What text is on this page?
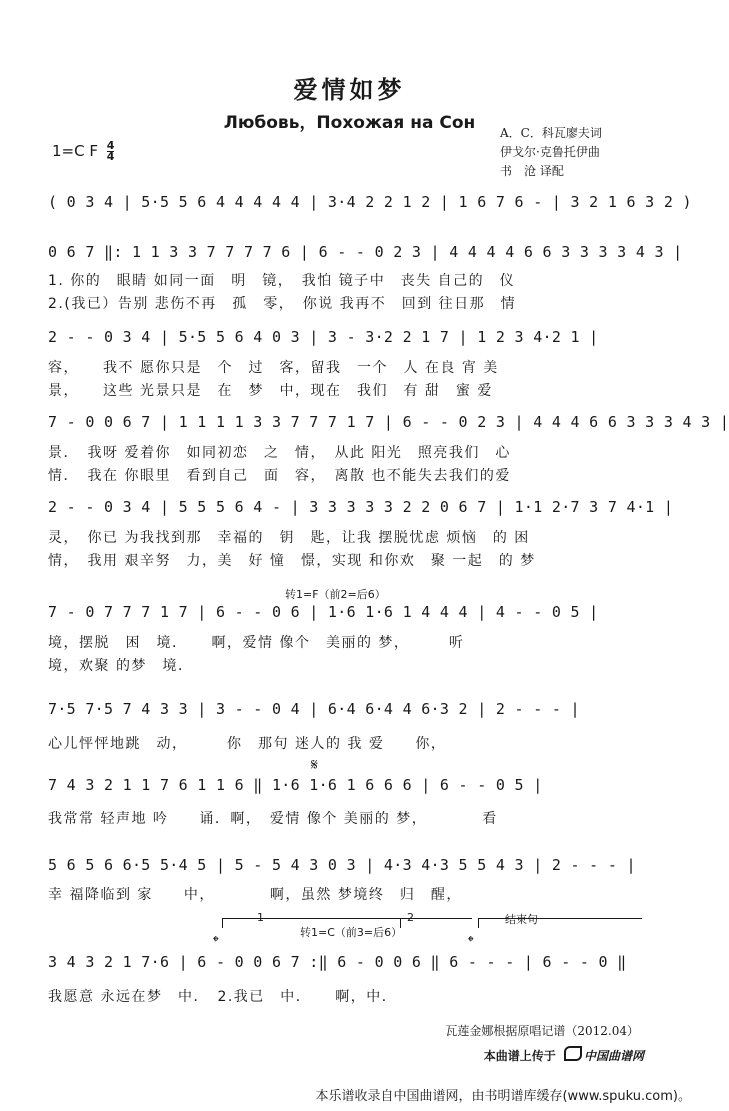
爱情如梦
Любовь，Похожая на Сон	A．C．科瓦廖夫词
伊戈尔·克鲁托伊曲
书　沧 译配
1=C F $\frac{4}{4}$
( 0 3 4 | 5·5 5 6 4 4 4 4 4 | 3·4 2 2 1 2 | 1 6 7 6 - | 3 2 1 6 3 2 )
0 6 7 ‖: 1 1 3 3 7 7 7 7 6 | 6 - - 0 2 3 | 4 4 4 4 6 6 3 3 3 3 4 3 |
1. 你的　眼睛 如同一面　明　镜，　我怕 镜子中　丧失 自己的　仪
2.(我已）告别 悲伤不再　孤　零，　你说 我再不　回到 往日那　情
2 - - 0 3 4 | 5·5 5 6 4 0 3 | 3 - 3·2 2 1 7 | 1 2 3 4·2 1 |
容，　　我不 愿你只是　个　过　客，留我　一个　人 在良 宵 美
景，　　这些 光景只是　在　梦　中，现在　我们　有 甜　蜜 爱
7 - 0 0 6 7 | 1 1 1 1 3 3 7 7 7 1 7 | 6 - - 0 2 3 | 4 4 4 6 6 3 3 3 4 3 |
景．　我呀 爱着你　如同初恋　之　情，　从此 阳光　照亮我们　心
情．　我在 你眼里　看到自己　面　容，　离散 也不能失去我们的爱
2 - - 0 3 4 | 5 5 5 6 4 - | 3 3 3 3 3 2 2 0 6 7 | 1·1 2·7 3 7 4·1 |
灵，　你已 为我找到那　幸福的　钥　匙，让我 摆脱忧虑 烦恼　的 困
情，　我用 艰辛努　力，美　好 憧　憬，实现 和你欢　聚 一起　的 梦
转1=F（前2=后6）
7 - 0 7 7 7 1 7 | 6 - - 0 6 | 1·6 1·6 1 4 4 4 | 4 - - 0 5 |
境，摆脱　困　境．　　啊，爱情 像个　美丽的 梦，　　　听
境，欢聚 的梦　境．
7·5 7·5 7 4 3 3 | 3 - - 0 4 | 6·4 6·4 4 6·3 2 | 2 - - - |
心儿怦怦地跳　动，　　　你　那句 迷人的 我 爱　　你，
𝄋
7 4 3 2 1 1 7 6 1 1 6 ‖ 1·6 1·6 1 6 6 6 | 6 - - 0 5 |
我常常 轻声地 吟　　诵．啊，　爱情 像个 美丽的 梦，　　　　看
5 6 5 6 6·5 5·4 5 | 5 - 5 4 3 0 3 | 4·3 4·3 5 5 4 3 | 2 - - - |
幸 福降临到 家　　中，　　　　啊，虽然 梦境终　归　醒，
1	2	结束句
转1=C（前3=后6）
𝄌	𝄌
3 4 3 2 1 7·6 | 6 - 0 0 6 7 :‖ 6 - 0 0 6 ‖ 6 - - - | 6 - - 0 ‖
我愿意 永远在梦　中．　2.我已　中．　　啊，中．
瓦莲金娜根据原唱记谱（2012.04）
本曲谱上传于 中国曲谱网
本乐谱收录自中国曲谱网，由书明谱库缓存(www.spuku.com)。
